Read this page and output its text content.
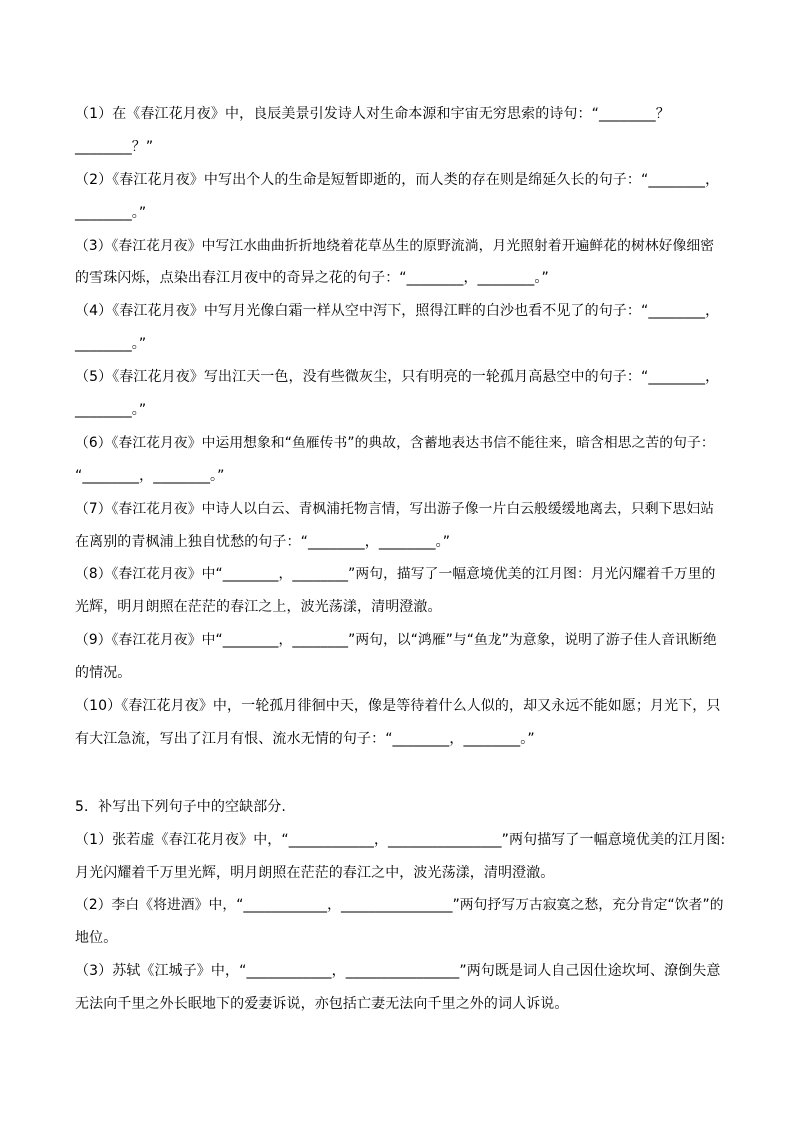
（1）在《春江花月夜》中，良辰美景引发诗人对生命本源和宇宙无穷思索的诗句：“________？
________？”
（2）《春江花月夜》中写出个人的生命是短暂即逝的，而人类的存在则是绵延久长的句子：“________，
________。”
（3）《春江花月夜》中写江水曲曲折折地绕着花草丛生的原野流淌，月光照射着开遍鲜花的树林好像细密
的雪珠闪烁，点染出春江月夜中的奇异之花的句子：“________，________。”
（4）《春江花月夜》中写月光像白霜一样从空中泻下，照得江畔的白沙也看不见了的句子：“________，
________。”
（5）《春江花月夜》写出江天一色，没有些微灰尘，只有明亮的一轮孤月高悬空中的句子：“________，
________。”
（6）《春江花月夜》中运用想象和“鱼雁传书”的典故，含蓄地表达书信不能往来，暗含相思之苦的句子：
“________，________。”
（7）《春江花月夜》中诗人以白云、青枫浦托物言情，写出游子像一片白云般缓缓地离去，只剩下思妇站
在离别的青枫浦上独自忧愁的句子：“________，________。”
（8）《春江花月夜》中“________，________”两句，描写了一幅意境优美的江月图：月光闪耀着千万里的
光辉，明月朗照在茫茫的春江之上，波光荡漾，清明澄澈。
（9）《春江花月夜》中“________，________”两句，以“鸿雁”与“鱼龙”为意象，说明了游子佳人音讯断绝
的情况。
（10）《春江花月夜》中，一轮孤月徘徊中天，像是等待着什么人似的，却又永远不能如愿；月光下，只
有大江急流，写出了江月有恨、流水无情的句子：“________，________。”
5．补写出下列句子中的空缺部分.
（1）张若虚《春江花月夜》中，“____________，________________”两句描写了一幅意境优美的江月图:
月光闪耀着千万里光辉，明月朗照在茫茫的春江之中，波光荡漾，清明澄澈。
（2）李白《将进酒》中，“____________，________________”两句抒写万古寂寞之愁，充分肯定“饮者”的
地位。
（3）苏轼《江城子》中，“____________，________________”两句既是词人自己因仕途坎坷、潦倒失意
无法向千里之外长眠地下的爱妻诉说，亦包括亡妻无法向千里之外的词人诉说。
